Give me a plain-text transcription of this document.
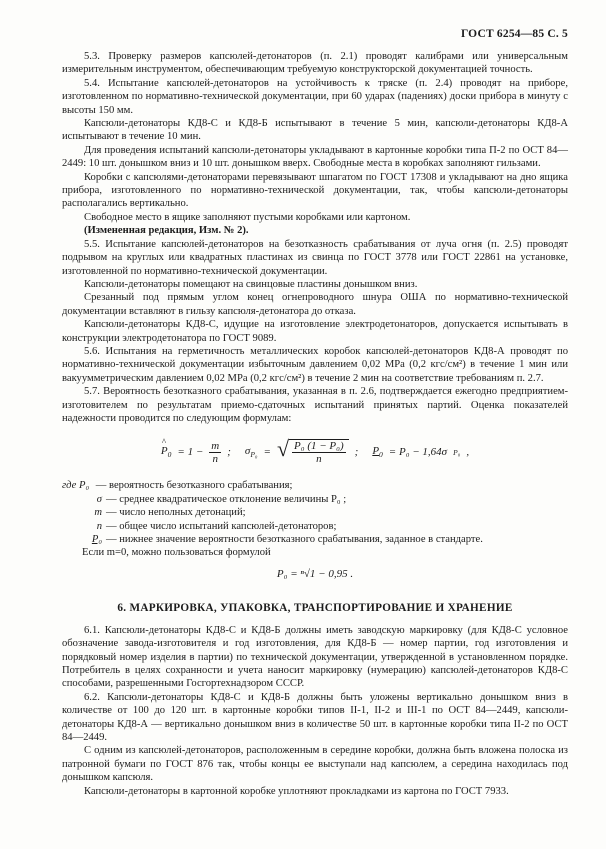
ГОСТ 6254—85 С. 5

5.3. Проверку размеров капсюлей-детонаторов (п. 2.1) проводят калибрами или универсальным измерительным инструментом, обеспечивающим требуемую конструкторской документацией точность.

5.4. Испытание капсюлей-детонаторов на устойчивость к тряске (п. 2.4) проводят на приборе, изготовленном по нормативно-технической документации, при 60 ударах (падениях) доски прибора в минуту с высоты 150 мм.

Капсюли-детонаторы КД8-С и КД8-Б испытывают в течение 5 мин, капсюли-детонаторы КД8-А испытывают в течение 10 мин.

Для проведения испытаний капсюли-детонаторы укладывают в картонные коробки типа П-2 по ОСТ 84—2449: 10 шт. донышком вниз и 10 шт. донышком вверх. Свободные места в коробках заполняют гильзами.

Коробки с капсюлями-детонаторами перевязывают шпагатом по ГОСТ 17308 и укладывают на дно ящика прибора, изготовленного по нормативно-технической документации, так, чтобы капсюли-детонаторы располагались вертикально.

Свободное место в ящике заполняют пустыми коробками или картоном.

(Измененная редакция, Изм. № 2).

5.5. Испытание капсюлей-детонаторов на безотказность срабатывания от луча огня (п. 2.5) проводят подрывом на круглых или квадратных пластинах из свинца по ГОСТ 3778 или ГОСТ 22861 на установке, изготовленной по нормативно-технической документации.

Капсюли-детонаторы помещают на свинцовые пластины донышком вниз.

Срезанный под прямым углом конец огнепроводного шнура ОША по нормативно-технической документации вставляют в гильзу капсюля-детонатора до отказа.

Капсюли-детонаторы КД8-С, идущие на изготовление электродетонаторов, допускается испытывать в конструкции электродетонатора по ГОСТ 9089.

5.6. Испытания на герметичность металлических коробок капсюлей-детонаторов КД8-А проводят по нормативно-технической документации избыточным давлением 0,02 MPa (0,2 кгс/см²) в течение 1 мин или вакуумметрическим давлением 0,02 MPa (0,2 кгс/см²) в течение 2 мин на соответствие требованиям п. 2.7.

5.7. Вероятность безотказного срабатывания, указанная в п. 2.6, подтверждается ежегодно предприятием-изготовителем по результатам приемо-сдаточных испытаний принятых партий. Оценка показателей надежности проводится по следующим формулам:

^ $P_0 = 1 - \frac{m}{n}$ ; $\sigma_{P_0}$ = √ $\frac{\text{P₀ (1 − P₀)}}{n}$ ; $P_0 = P_0 - 1,64\sigma$ P₀ ,
где P₀
— вероятность безотказного срабатывания;
σ — среднее квадратическое отклонение величины P₀ ;
m — число неполных детонаций;
n — общее число испытаний капсюлей-детонаторов;
P₀ — нижнее значение вероятности безотказного срабатывания, заданное в стандарте.

Если m=0, можно пользоваться формулой

P₀ = ⁿ√1 − 0,95 .
6. МАРКИРОВКА, УПАКОВКА, ТРАНСПОРТИРОВАНИЕ И ХРАНЕНИЕ

6.1. Капсюли-детонаторы КД8-С и КД8-Б должны иметь заводскую маркировку (для КД8-С условное обозначение завода-изготовителя и год изготовления, для КД8-Б — номер партии, год изготовления и порядковый номер изделия в партии) по технической документации, утвержденной в установленном порядке. Потребитель в целях сохранности и учета наносит маркировку (нумерацию) капсюлей-детонаторов КД8-С способами, разрешенными Госгортехнадзором СССР.

6.2. Капсюли-детонаторы КД8-С и КД8-Б должны быть уложены вертикально донышком вниз в количестве от 100 до 120 шт. в картонные коробки типов II-1, II-2 и III-1 по ОСТ 84—2449, капсюли-детонаторы КД8-А — вертикально донышком вниз в количестве 50 шт. в картонные коробки типа II-2 по ОСТ 84—2449.

С одним из капсюлей-детонаторов, расположенным в середине коробки, должна быть вложена полоска из патронной бумаги по ГОСТ 876 так, чтобы концы ее выступали над капсюлем, а середина находилась под донышком капсюля.

Капсюли-детонаторы в картонной коробке уплотняют прокладками из картона по ГОСТ 7933.
